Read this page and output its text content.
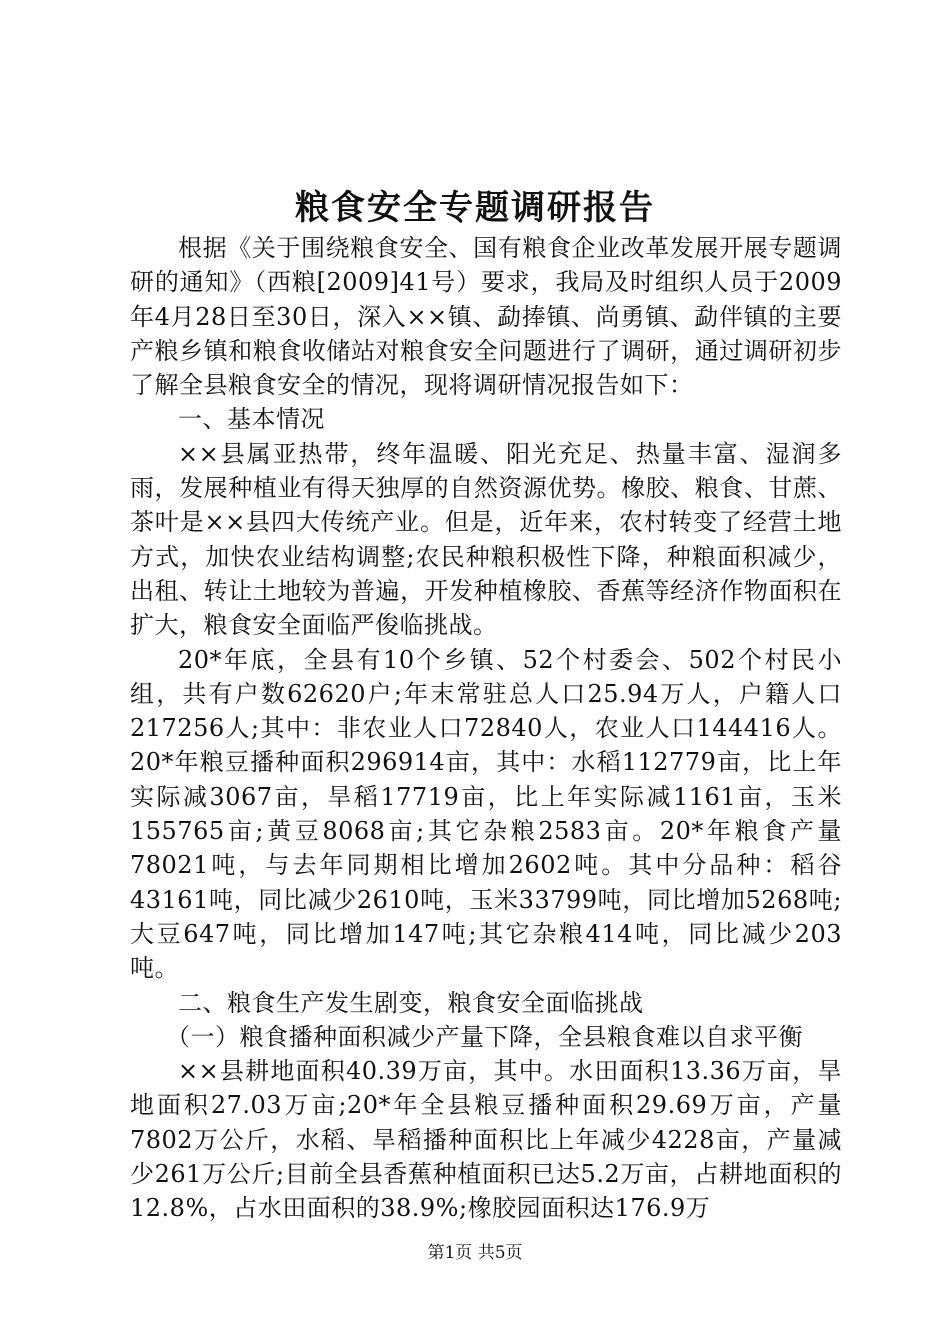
粮食安全专题调研报告

根据《关于围绕粮食安全、国有粮食企业改革发展开展专题调研的通知》（西粮[2009]41号）要求，我局及时组织人员于2009年4月28日至30日，深入××镇、勐捧镇、尚勇镇、勐伴镇的主要产粮乡镇和粮食收储站对粮食安全问题进行了调研，通过调研初步了解全县粮食安全的情况，现将调研情况报告如下：

一、基本情况

××县属亚热带，终年温暖、阳光充足、热量丰富、湿润多雨，发展种植业有得天独厚的自然资源优势。橡胶、粮食、甘蔗、茶叶是××县四大传统产业。但是，近年来，农村转变了经营土地方式，加快农业结构调整;农民种粮积极性下降，种粮面积减少，出租、转让土地较为普遍，开发种植橡胶、香蕉等经济作物面积在扩大，粮食安全面临严俊临挑战。

20*年底，全县有10个乡镇、52个村委会、502个村民小组，共有户数62620户;年末常驻总人口25.94万人，户籍人口217256人;其中：非农业人口72840人，农业人口144416人。20*年粮豆播种面积296914亩，其中：水稻112779亩，比上年实际减3067亩，旱稻17719亩，比上年实际减1161亩，玉米155765亩;黄豆8068亩;其它杂粮2583亩。20*年粮食产量78021吨，与去年同期相比增加2602吨。其中分品种：稻谷43161吨，同比减少2610吨，玉米33799吨，同比增加5268吨;大豆647吨，同比增加147吨;其它杂粮414吨，同比减少203吨。

二、粮食生产发生剧变，粮食安全面临挑战

（一）粮食播种面积减少产量下降，全县粮食难以自求平衡

××县耕地面积40.39万亩，其中。水田面积13.36万亩，旱地面积27.03万亩;20*年全县粮豆播种面积29.69万亩，产量7802万公斤，水稻、旱稻播种面积比上年减少4228亩，产量减少261万公斤;目前全县香蕉种植面积已达5.2万亩，占耕地面积的12.8%，占水田面积的38.9%;橡胶园面积达176.9万

第1页 共5页
